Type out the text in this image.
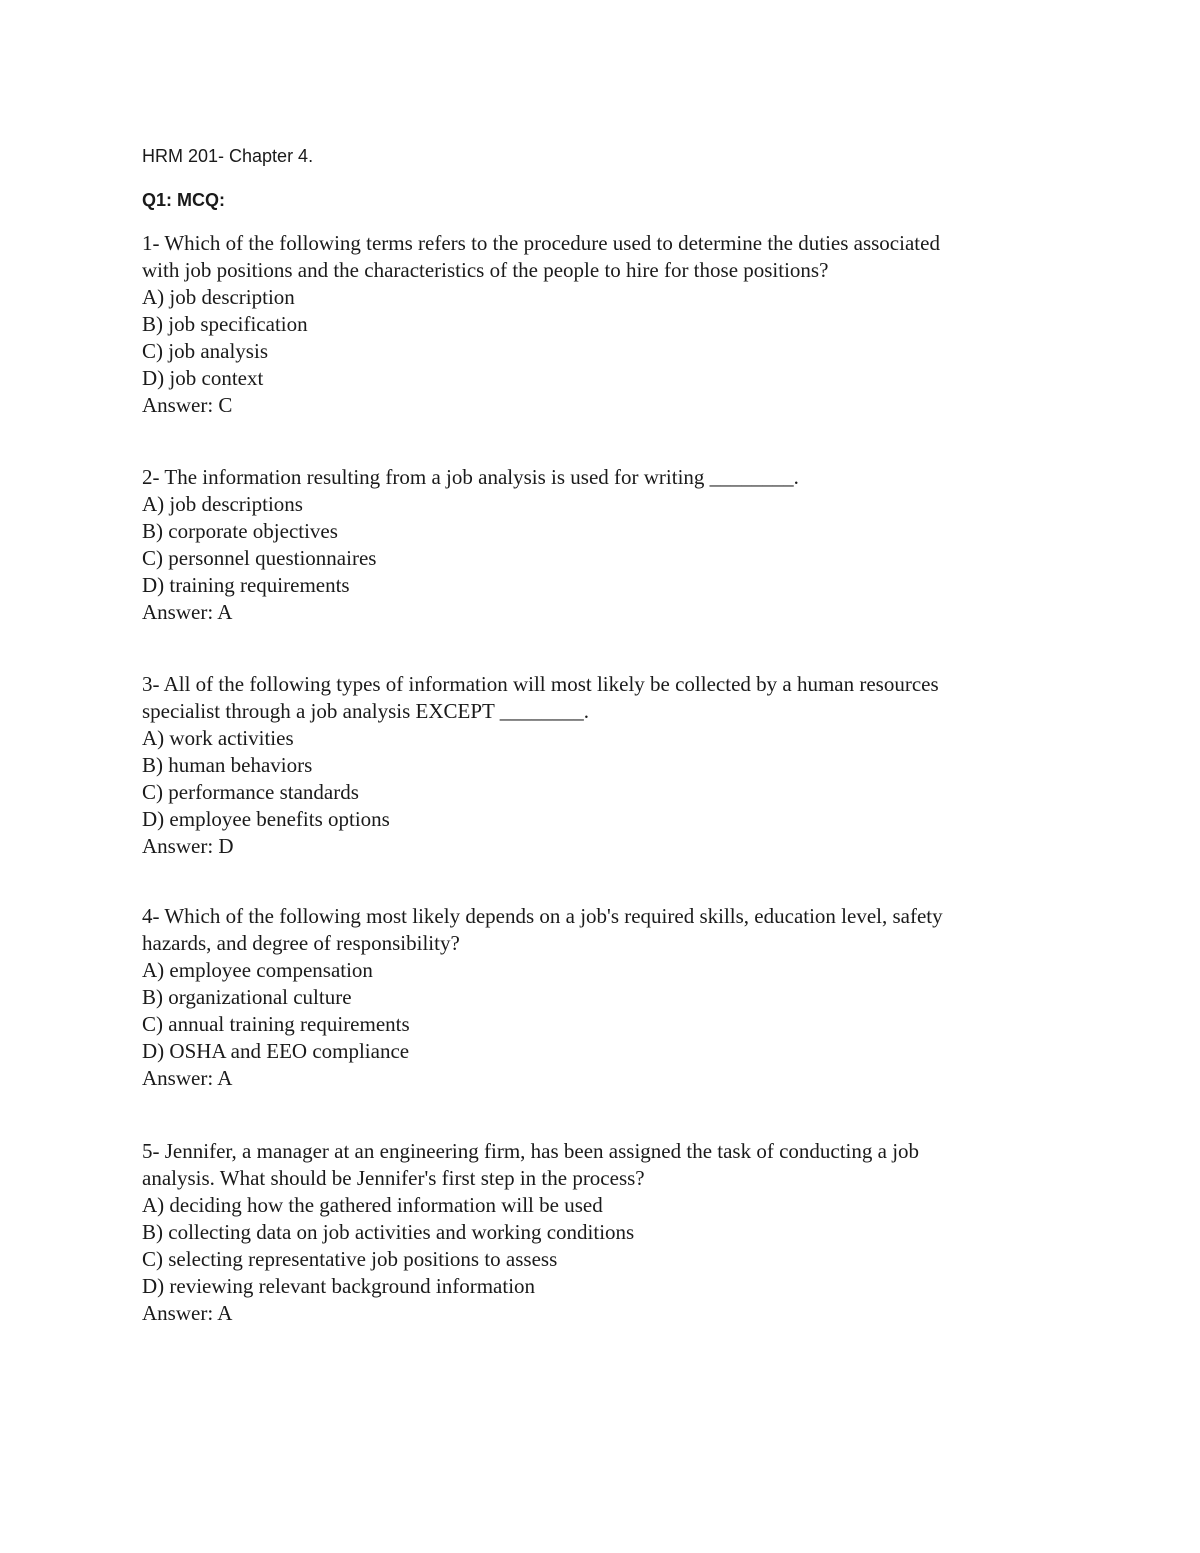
HRM 201- Chapter 4.
Q1: MCQ:

1- Which of the following terms refers to the procedure used to determine the duties associated

with job positions and the characteristics of the people to hire for those positions?

A) job description

B) job specification

C) job analysis

D) job context

Answer: C

2- The information resulting from a job analysis is used for writing ________.

A) job descriptions

B) corporate objectives

C) personnel questionnaires

D) training requirements

Answer: A

3- All of the following types of information will most likely be collected by a human resources

specialist through a job analysis EXCEPT ________.

A) work activities

B) human behaviors

C) performance standards

D) employee benefits options

Answer: D

4- Which of the following most likely depends on a job's required skills, education level, safety

hazards, and degree of responsibility?

A) employee compensation

B) organizational culture

C) annual training requirements

D) OSHA and EEO compliance

Answer: A

5- Jennifer, a manager at an engineering firm, has been assigned the task of conducting a job

analysis. What should be Jennifer's first step in the process?

A) deciding how the gathered information will be used

B) collecting data on job activities and working conditions

C) selecting representative job positions to assess

D) reviewing relevant background information

Answer: A
